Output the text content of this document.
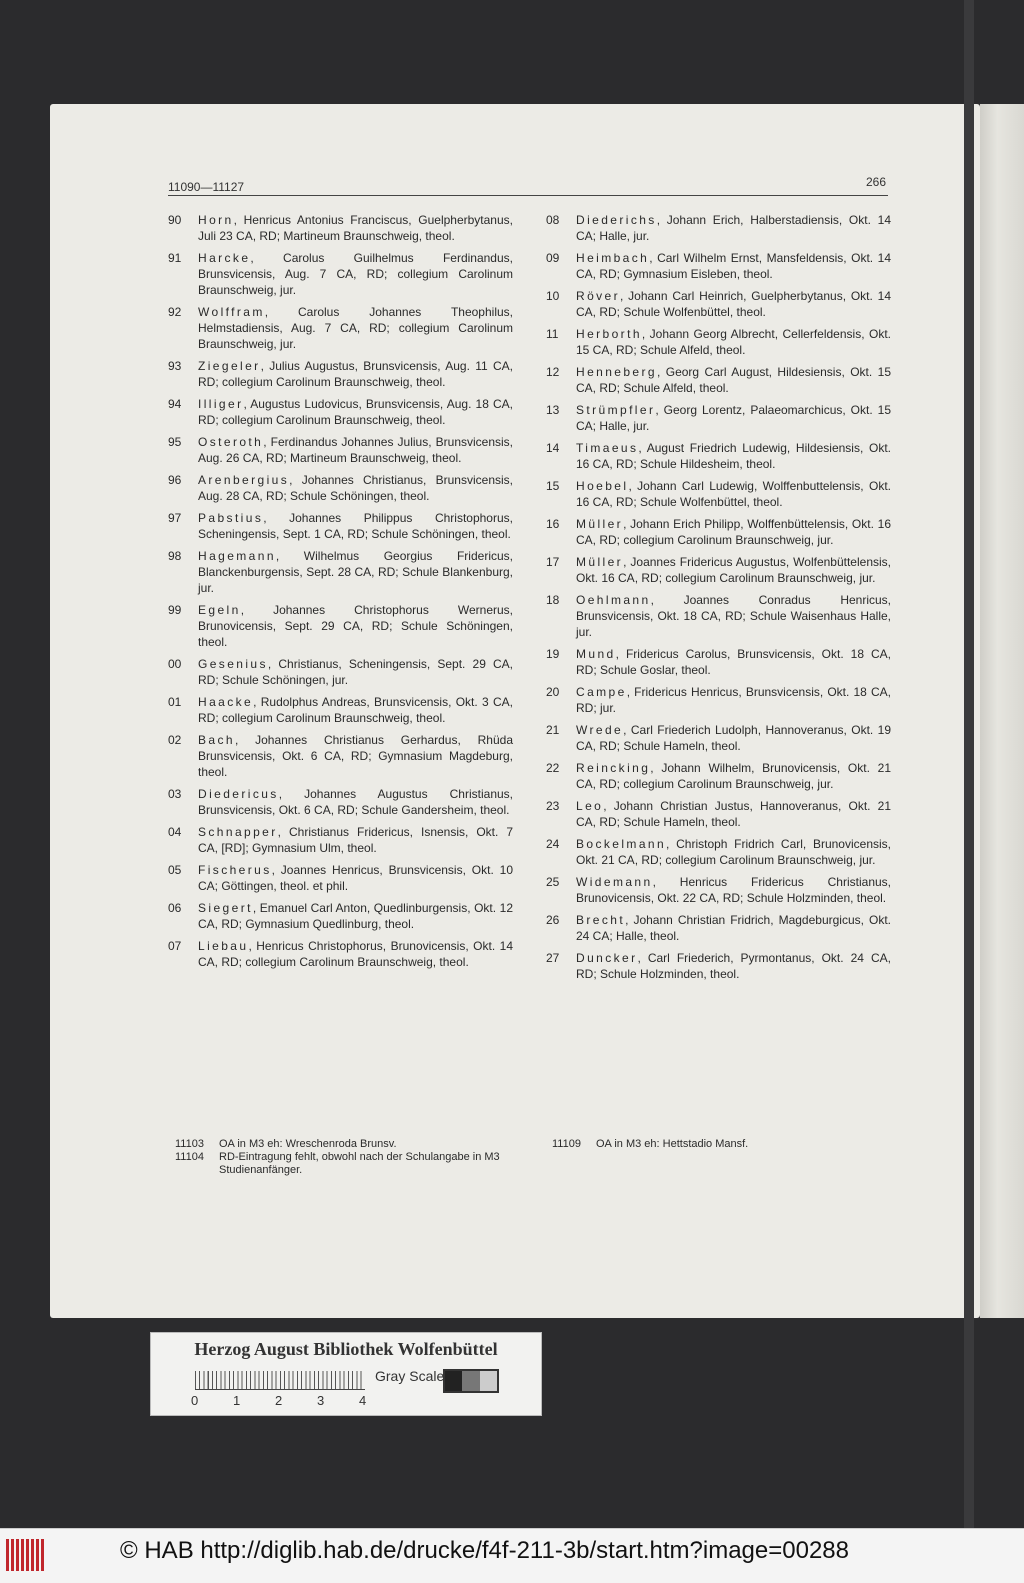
11090—11127	266
90	Horn, Henricus Antonius Franciscus, Guelpherbytanus, Juli 23 CA, RD; Martineum Braunschweig, theol.
91	Harcke, Carolus Guilhelmus Ferdinandus, Brunsvicensis, Aug. 7 CA, RD; collegium Carolinum Braunschweig, jur.
92	Wolffram, Carolus Johannes Theophilus, Helmstadiensis, Aug. 7 CA, RD; collegium Carolinum Braunschweig, jur.
93	Ziegeler, Julius Augustus, Brunsvicensis, Aug. 11 CA, RD; collegium Carolinum Braunschweig, theol.
94	Illiger, Augustus Ludovicus, Brunsvicensis, Aug. 18 CA, RD; collegium Carolinum Braunschweig, theol.
95	Osteroth, Ferdinandus Johannes Julius, Brunsvicensis, Aug. 26 CA, RD; Martineum Braunschweig, theol.
96	Arenbergius, Johannes Christianus, Brunsvicensis, Aug. 28 CA, RD; Schule Schöningen, theol.
97	Pabstius, Johannes Philippus Christophorus, Scheningensis, Sept. 1 CA, RD; Schule Schöningen, theol.
98	Hagemann, Wilhelmus Georgius Fridericus, Blanckenburgensis, Sept. 28 CA, RD; Schule Blankenburg, jur.
99	Egeln, Johannes Christophorus Wernerus, Brunovicensis, Sept. 29 CA, RD; Schule Schöningen, theol.
00	Gesenius, Christianus, Scheningensis, Sept. 29 CA, RD; Schule Schöningen, jur.
01	Haacke, Rudolphus Andreas, Brunsvicensis, Okt. 3 CA, RD; collegium Carolinum Braunschweig, theol.
02	Bach, Johannes Christianus Gerhardus, Rhüda Brunsvicensis, Okt. 6 CA, RD; Gymnasium Magdeburg, theol.
03	Diedericus, Johannes Augustus Christianus, Brunsvicensis, Okt. 6 CA, RD; Schule Gandersheim, theol.
04	Schnapper, Christianus Fridericus, Isnensis, Okt. 7 CA, [RD]; Gymnasium Ulm, theol.
05	Fischerus, Joannes Henricus, Brunsvicensis, Okt. 10 CA; Göttingen, theol. et phil.
06	Siegert, Emanuel Carl Anton, Quedlinburgensis, Okt. 12 CA, RD; Gymnasium Quedlinburg, theol.
07	Liebau, Henricus Christophorus, Brunovicensis, Okt. 14 CA, RD; collegium Carolinum Braunschweig, theol.
08	Diederichs, Johann Erich, Halberstadiensis, Okt. 14 CA; Halle, jur.
09	Heimbach, Carl Wilhelm Ernst, Mansfeldensis, Okt. 14 CA, RD; Gymnasium Eisleben, theol.
10	Röver, Johann Carl Heinrich, Guelpherbytanus, Okt. 14 CA, RD; Schule Wolfenbüttel, theol.
11	Herborth, Johann Georg Albrecht, Cellerfeldensis, Okt. 15 CA, RD; Schule Alfeld, theol.
12	Henneberg, Georg Carl August, Hildesiensis, Okt. 15 CA, RD; Schule Alfeld, theol.
13	Strümpfler, Georg Lorentz, Palaeomarchicus, Okt. 15 CA; Halle, jur.
14	Timaeus, August Friedrich Ludewig, Hildesiensis, Okt. 16 CA, RD; Schule Hildesheim, theol.
15	Hoebel, Johann Carl Ludewig, Wolffenbuttelensis, Okt. 16 CA, RD; Schule Wolfenbüttel, theol.
16	Müller, Johann Erich Philipp, Wolffenbüttelensis, Okt. 16 CA, RD; collegium Carolinum Braunschweig, jur.
17	Müller, Joannes Fridericus Augustus, Wolfenbüttelensis, Okt. 16 CA, RD; collegium Carolinum Braunschweig, jur.
18	Oehlmann, Joannes Conradus Henricus, Brunsvicensis, Okt. 18 CA, RD; Schule Waisenhaus Halle, jur.
19	Mund, Fridericus Carolus, Brunsvicensis, Okt. 18 CA, RD; Schule Goslar, theol.
20	Campe, Fridericus Henricus, Brunsvicensis, Okt. 18 CA, RD; jur.
21	Wrede, Carl Friederich Ludolph, Hannoveranus, Okt. 19 CA, RD; Schule Hameln, theol.
22	Reincking, Johann Wilhelm, Brunovicensis, Okt. 21 CA, RD; collegium Carolinum Braunschweig, jur.
23	Leo, Johann Christian Justus, Hannoveranus, Okt. 21 CA, RD; Schule Hameln, theol.
24	Bockelmann, Christoph Fridrich Carl, Brunovicensis, Okt. 21 CA, RD; collegium Carolinum Braunschweig, jur.
25	Widemann, Henricus Fridericus Christianus, Brunovicensis, Okt. 22 CA, RD; Schule Holzminden, theol.
26	Brecht, Johann Christian Fridrich, Magdeburgicus, Okt. 24 CA; Halle, theol.
27	Duncker, Carl Friederich, Pyrmontanus, Okt. 24 CA, RD; Schule Holzminden, theol.
11103	OA in M3 eh: Wreschenroda Brunsv.
11104	RD-Eintragung fehlt, obwohl nach der Schulangabe in M3 Studienanfänger.
11109	OA in M3 eh: Hettstadio Mansf.
Herzog August Bibliothek Wolfenbüttel
Gray Scale
0	1	2	3	4
© HAB http://diglib.hab.de/drucke/f4f-211-3b/start.htm?image=00288
